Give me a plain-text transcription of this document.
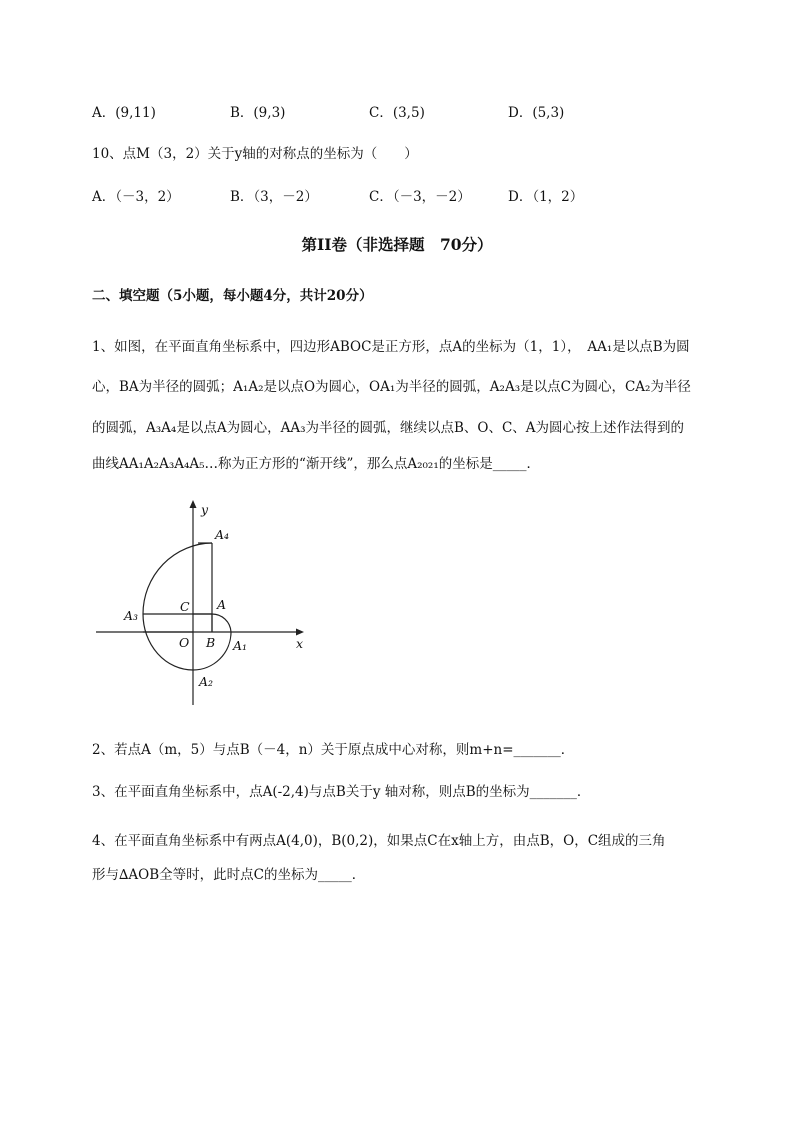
A．(9,11)	B．(9,3)	C．(3,5)	D．(5,3)
10、点M（3，2）关于y轴的对称点的坐标为（　　）
A．（－3，2）	B．（3，－2）	C．（－3，－2）	D．（1，2）
第II卷（非选择题　70分）
二、填空题（5小题，每小题4分，共计20分）
1、如图，在平面直角坐标系中，四边形ABOC是正方形，点A的坐标为（1，1），　AA₁是以点B为圆
心，BA为半径的圆弧；A₁A₂是以点O为圆心，OA₁为半径的圆弧，A₂A₃是以点C为圆心，CA₂为半径
的圆弧，A₃A₄是以点A为圆心，AA₃为半径的圆弧，继续以点B、O、C、A为圆心按上述作法得到的
曲线AA₁A₂A₃A₄A₅…称为正方形的“渐开线”，那么点A₂₀₂₁的坐标是_____．
y
x
A₄
C A
A₃
O B A₁
A₂
2、若点A（m，5）与点B（－4，n）关于原点成中心对称，则m+n=_______．
3、在平面直角坐标系中，点A(-2,4)与点B关于y 轴对称，则点B的坐标为_______．
4、在平面直角坐标系中有两点A(4,0)，B(0,2)，如果点C在x轴上方，由点B，O，C组成的三角
形与∆AOB全等时，此时点C的坐标为_____．
